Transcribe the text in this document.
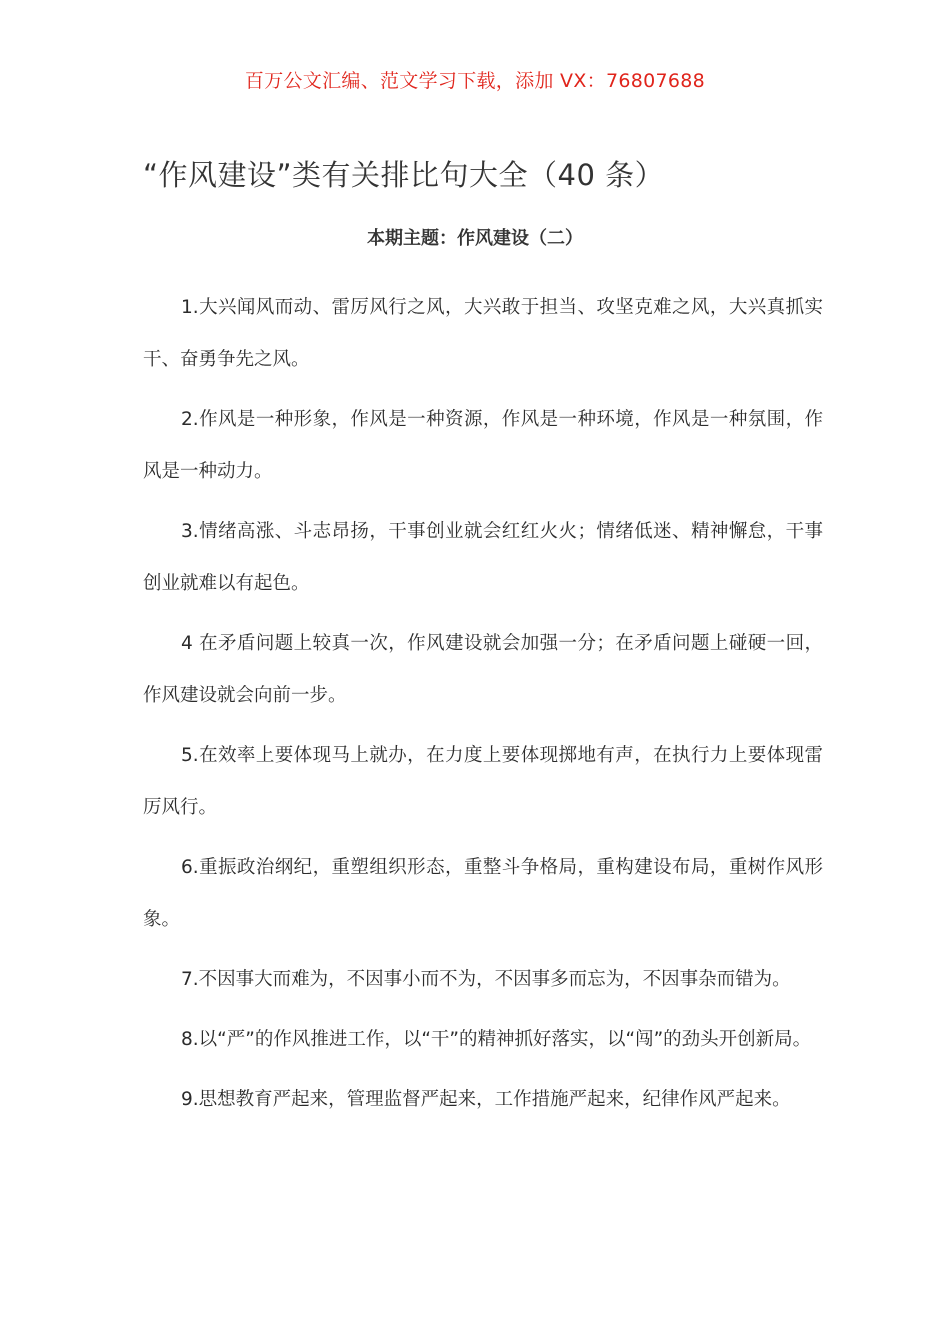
百万公文汇编、范文学习下载，添加 VX：76807688
“作风建设”类有关排比句大全（40 条）
本期主题：作风建设（二）

1.大兴闻风而动、雷厉风行之风，大兴敢于担当、攻坚克难之风，大兴真抓实干、奋勇争先之风。

2.作风是一种形象，作风是一种资源，作风是一种环境，作风是一种氛围，作风是一种动力。

3.情绪高涨、斗志昂扬，干事创业就会红红火火；情绪低迷、精神懈怠，干事创业就难以有起色。

4 在矛盾问题上较真一次，作风建设就会加强一分；在矛盾问题上碰硬一回，作风建设就会向前一步。

5.在效率上要体现马上就办，在力度上要体现掷地有声，在执行力上要体现雷厉风行。

6.重振政治纲纪，重塑组织形态，重整斗争格局，重构建设布局，重树作风形象。

7.不因事大而难为，不因事小而不为，不因事多而忘为，不因事杂而错为。

8.以“严”的作风推进工作，以“干”的精神抓好落实，以“闯”的劲头开创新局。

9.思想教育严起来，管理监督严起来，工作措施严起来，纪律作风严起来。
